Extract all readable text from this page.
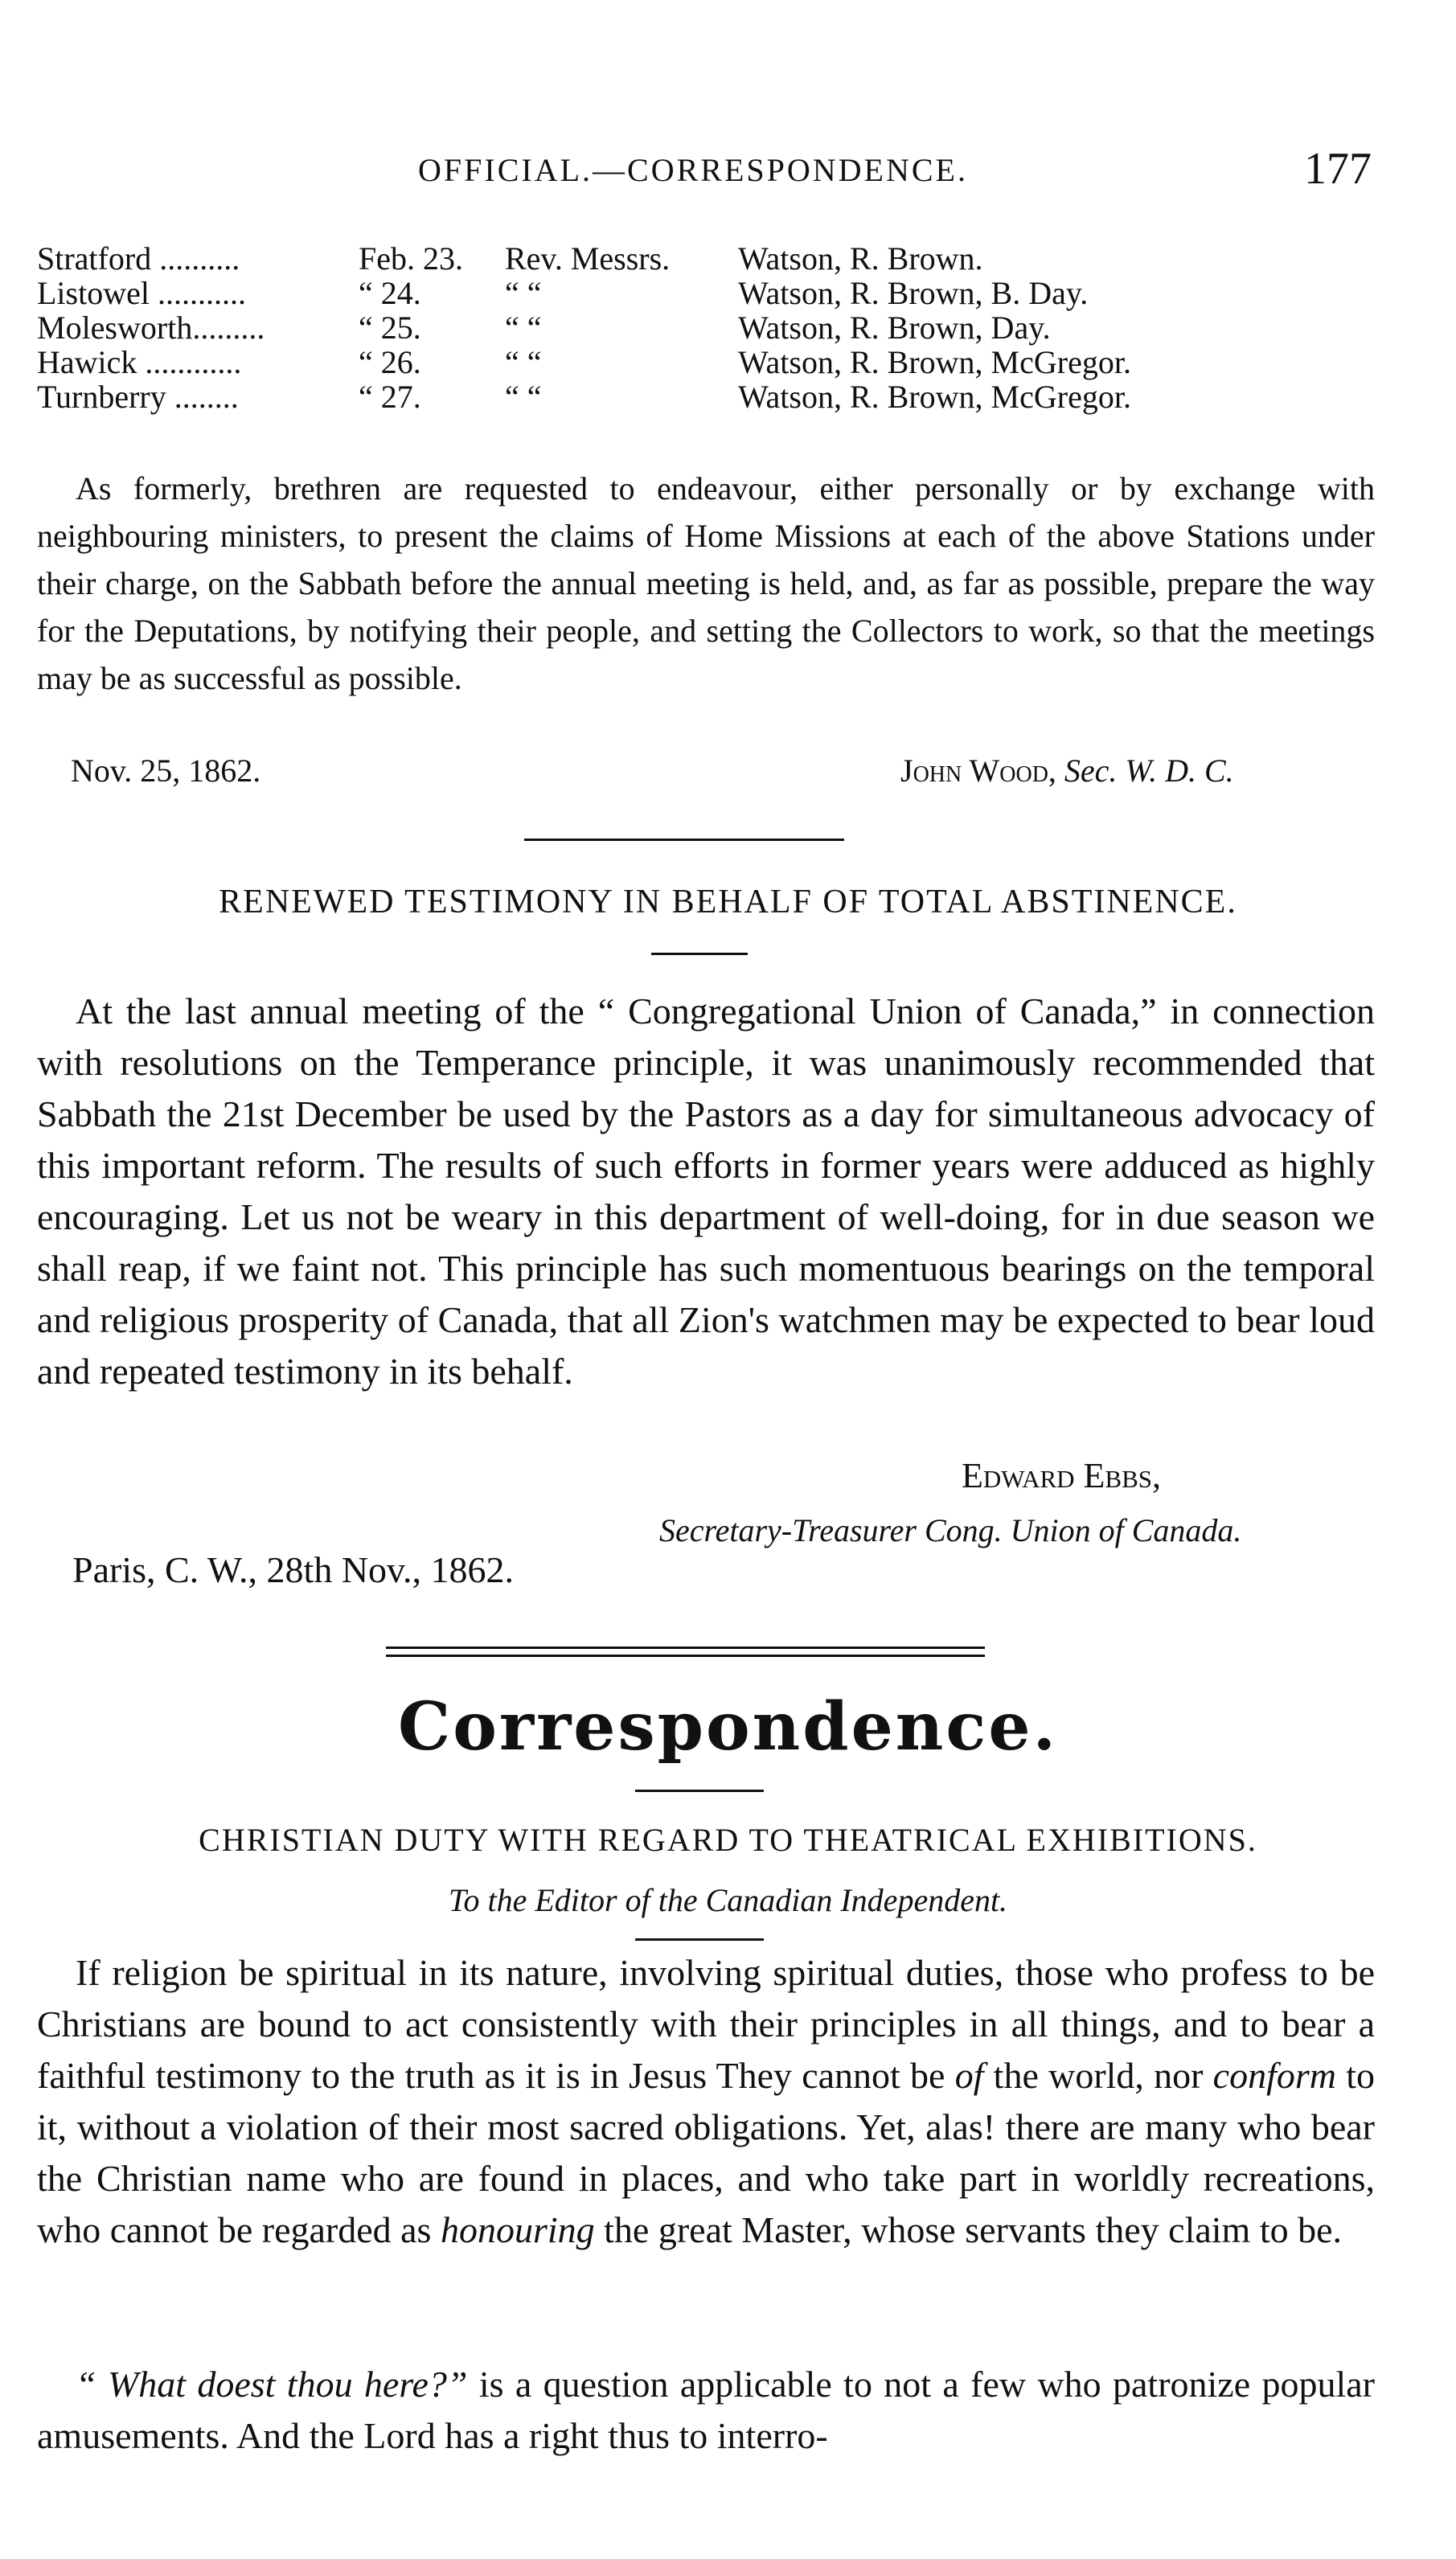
OFFICIAL.—CORRESPONDENCE.	177
Stratford ..........	Feb. 23.	Rev. Messrs.	Watson, R. Brown.
Listowel ...........	“ 24.	“ “	Watson, R. Brown, B. Day.
Molesworth.........	“ 25.	“ “	Watson, R. Brown, Day.
Hawick ............	“ 26.	“ “	Watson, R. Brown, McGregor.
Turnberry ........	“ 27.	“ “	Watson, R. Brown, McGregor.

As formerly, brethren are requested to endeavour, either personally or by exchange with neighbouring ministers, to present the claims of Home Missions at each of the above Stations under their charge, on the Sabbath before the annual meeting is held, and, as far as possible, prepare the way for the Deputations, by notifying their people, and setting the Collectors to work, so that the meetings may be as successful as possible.

Nov. 25, 1862.	John Wood, Sec. W. D. C.
RENEWED TESTIMONY IN BEHALF OF TOTAL ABSTINENCE.

At the last annual meeting of the “ Congregational Union of Canada,” in connection with resolutions on the Temperance principle, it was unanimously recommended that Sabbath the 21st December be used by the Pastors as a day for simultaneous advocacy of this important reform. The results of such efforts in former years were adduced as highly encouraging. Let us not be weary in this department of well-doing, for in due season we shall reap, if we faint not. This principle has such momentuous bearings on the temporal and religious prosperity of Canada, that all Zion's watchmen may be expected to bear loud and repeated testimony in its behalf.

Edward Ebbs,
Secretary-Treasurer Cong. Union of Canada.
Paris, C. W., 28th Nov., 1862.
Correspondence.
CHRISTIAN DUTY WITH REGARD TO THEATRICAL EXHIBITIONS.
To the Editor of the Canadian Independent.

If religion be spiritual in its nature, involving spiritual duties, those who profess to be Christians are bound to act consistently with their principles in all things, and to bear a faithful testimony to the truth as it is in Jesus They cannot be of the world, nor conform to it, without a violation of their most sacred obligations. Yet, alas! there are many who bear the Christian name who are found in places, and who take part in worldly recreations, who cannot be regarded as honouring the great Master, whose servants they claim to be.

“ What doest thou here?” is a question applicable to not a few who patronize popular amusements. And the Lord has a right thus to interro-
